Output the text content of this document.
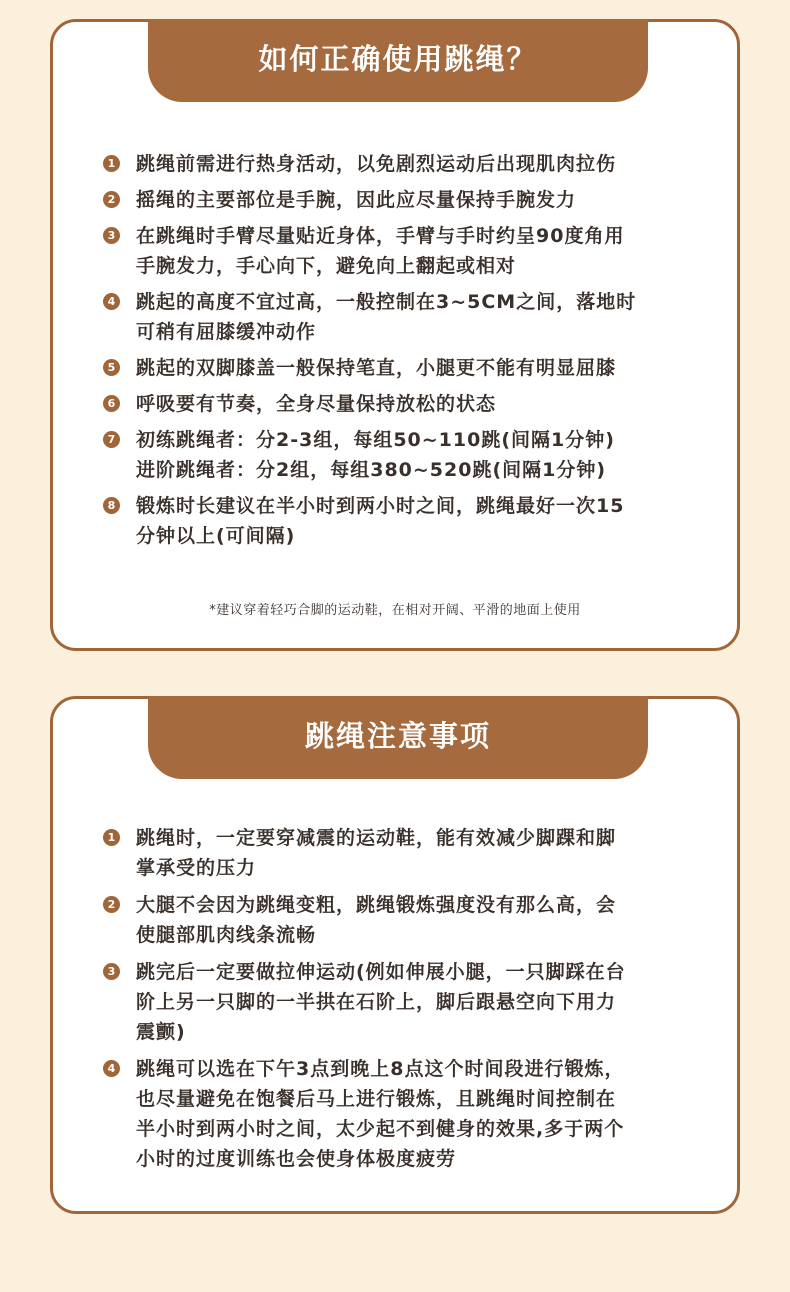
如何正确使用跳绳？
1 跳绳前需进行热身活动，以免剧烈运动后出现肌肉拉伤
2 摇绳的主要部位是手腕，因此应尽量保持手腕发力
3 在跳绳时手臂尽量贴近身体，手臂与手时约呈90度角用
手腕发力，手心向下，避免向上翻起或相对
4 跳起的高度不宜过高，一般控制在3~5CM之间，落地时
可稍有屈膝缓冲动作
5 跳起的双脚膝盖一般保持笔直，小腿更不能有明显屈膝
6 呼吸要有节奏，全身尽量保持放松的状态
7 初练跳绳者：分2-3组，每组50~110跳(间隔1分钟)
进阶跳绳者：分2组，每组380~520跳(间隔1分钟)
8 锻炼时长建议在半小时到两小时之间，跳绳最好一次15
分钟以上(可间隔)
*建议穿着轻巧合脚的运动鞋，在相对开阔、平滑的地面上使用
跳绳注意事项
1 跳绳时，一定要穿减震的运动鞋，能有效减少脚踝和脚
掌承受的压力
2 大腿不会因为跳绳变粗，跳绳锻炼强度没有那么高，会
使腿部肌肉线条流畅
3 跳完后一定要做拉伸运动(例如伸展小腿，一只脚踩在台
阶上另一只脚的一半拱在石阶上，脚后跟悬空向下用力
震颤)
4 跳绳可以选在下午3点到晚上8点这个时间段进行锻炼，
也尽量避免在饱餐后马上进行锻炼，且跳绳时间控制在
半小时到两小时之间，太少起不到健身的效果,多于两个
小时的过度训练也会使身体极度疲劳
